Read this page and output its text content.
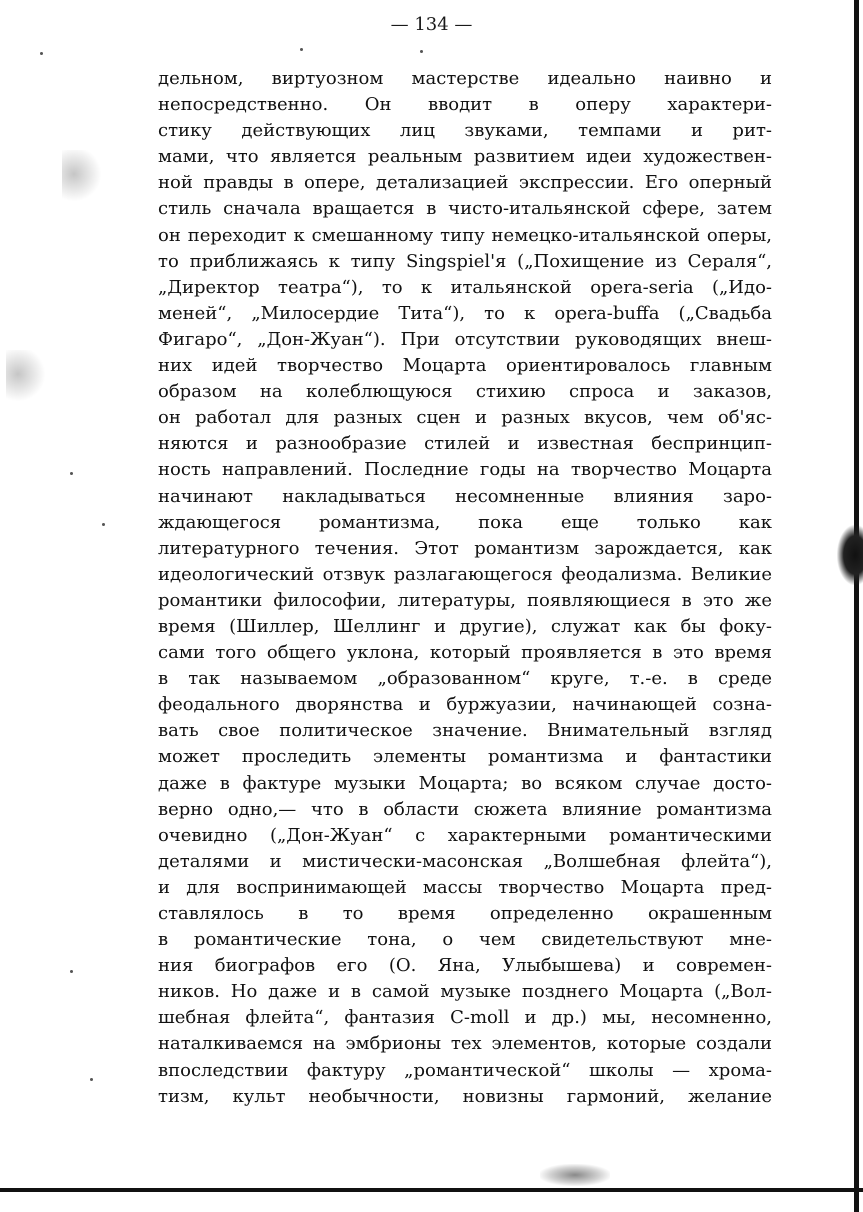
— 134 —
дельном, виртуозном мастерстве идеально наивно и
непосредственно. Он вводит в оперу характери-
стику действующих лиц звуками, темпами и рит-
мами, что является реальным развитием идеи художествен-
ной правды в опере, детализацией экспрессии. Его оперный
стиль сначала вращается в чисто-итальянской сфере, затем
он переходит к смешанному типу немецко-итальянской оперы,
то приближаясь к типу Singspiel'я („Похищение из Сераля“,
„Директор театра“), то к итальянской opera-seria („Идо-
меней“, „Милосердие Тита“), то к opera-buffa („Свадьба
Фигаро“, „Дон-Жуан“). При отсутствии руководящих внеш-
них идей творчество Моцарта ориентировалось главным
образом на колеблющуюся стихию спроса и заказов,
он работал для разных сцен и разных вкусов, чем об'яс-
няются и разнообразие стилей и известная беспринцип-
ность направлений. Последние годы на творчество Моцарта
начинают накладываться несомненные влияния заро-
ждающегося романтизма, пока еще только как
литературного течения. Этот романтизм зарождается, как
идеологический отзвук разлагающегося феодализма. Великие
романтики философии, литературы, появляющиеся в это же
время (Шиллер, Шеллинг и другие), служат как бы фоку-
сами того общего уклона, который проявляется в это время
в так называемом „образованном“ круге, т.-е. в среде
феодального дворянства и буржуазии, начинающей созна-
вать свое политическое значение. Внимательный взгляд
может проследить элементы романтизма и фантастики
даже в фактуре музыки Моцарта; во всяком случае досто-
верно одно,— что в области сюжета влияние романтизма
очевидно („Дон-Жуан“ с характерными романтическими
деталями и мистически-масонская „Волшебная флейта“),
и для воспринимающей массы творчество Моцарта пред-
ставлялось в то время определенно окрашенным
в романтические тона, о чем свидетельствуют мне-
ния биографов его (О. Яна, Улыбышева) и современ-
ников. Но даже и в самой музыке позднего Моцарта („Вол-
шебная флейта“, фантазия C-moll и др.) мы, несомненно,
наталкиваемся на эмбрионы тех элементов, которые создали
впоследствии фактуру „романтической“ школы — хрома-
тизм, культ необычности, новизны гармоний, желание
